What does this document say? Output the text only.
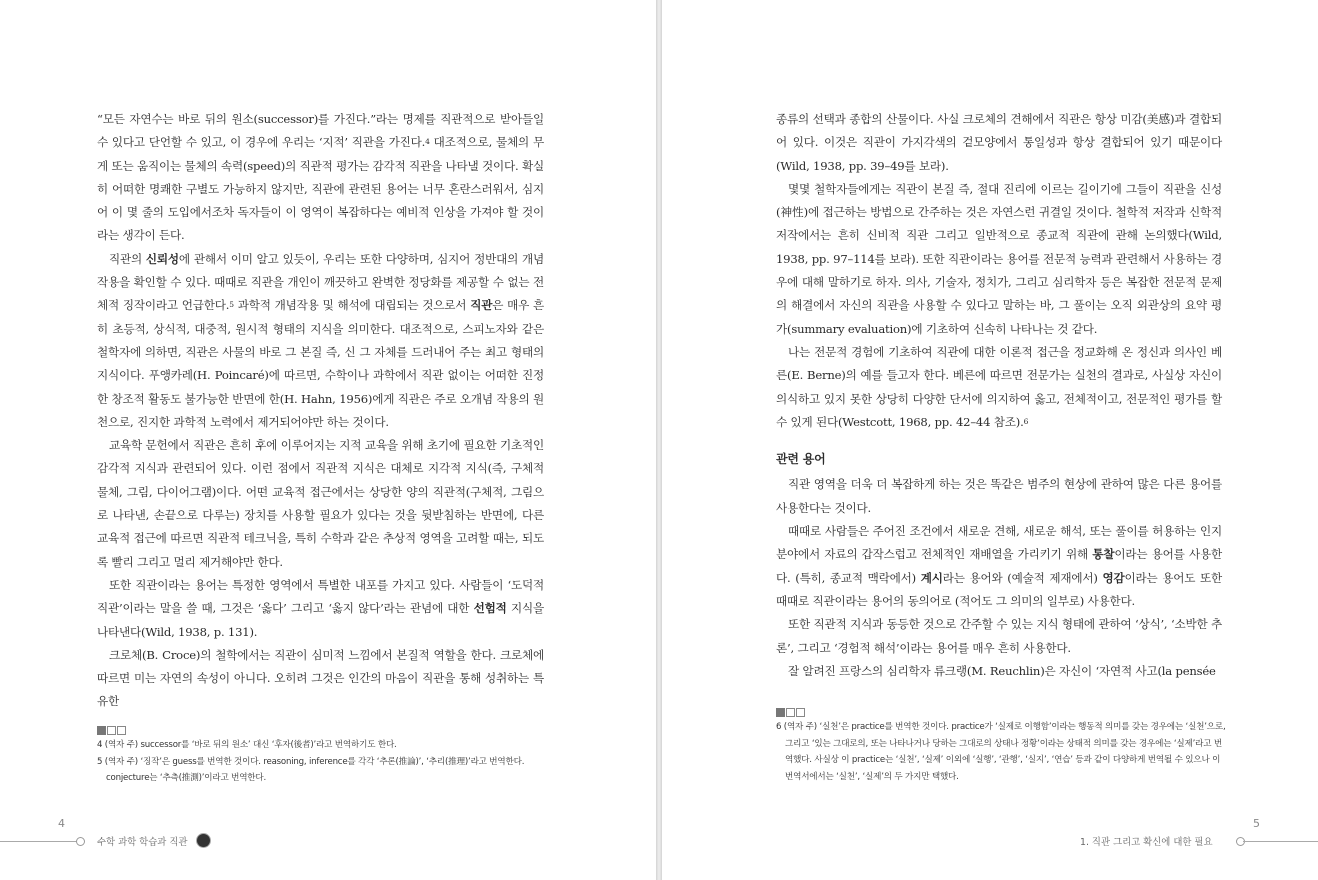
“모든 자연수는 바로 뒤의 원소(successor)를 가진다.”라는 명제를 직관적으로 받아들일 수 있다고 단언할 수 있고, 이 경우에 우리는 ‘지적’ 직관을 가진다.$^4$ 대조적으로, 물체의 무게 또는 움직이는 물체의 속력(speed)의 직관적 평가는 감각적 직관을 나타낼 것이다. 확실히 어떠한 명쾌한 구별도 가능하지 않지만, 직관에 관련된 용어는 너무 혼란스러워서, 심지어 이 몇 줄의 도입에서조차 독자들이 이 영역이 복잡하다는 예비적 인상을 가져야 할 것이라는 생각이 든다.

직관의 신뢰성에 관해서 이미 알고 있듯이, 우리는 또한 다양하며, 심지어 정반대의 개념작용을 확인할 수 있다. 때때로 직관을 개인이 깨끗하고 완벽한 정당화를 제공할 수 없는 전체적 징작이라고 언급한다.$^5$ 과학적 개념작용 및 해석에 대립되는 것으로서 직관은 매우 흔히 초등적, 상식적, 대중적, 원시적 형태의 지식을 의미한다. 대조적으로, 스피노자와 같은 철학자에 의하면, 직관은 사물의 바로 그 본질 즉, 신 그 자체를 드러내어 주는 최고 형태의 지식이다. 푸앵카레(H. Poincaré)에 따르면, 수학이나 과학에서 직관 없이는 어떠한 진정한 창조적 활동도 불가능한 반면에 한(H. Hahn, 1956)에게 직관은 주로 오개념 작용의 원천으로, 진지한 과학적 노력에서 제거되어야만 하는 것이다.

교육학 문헌에서 직관은 흔히 후에 이루어지는 지적 교육을 위해 초기에 필요한 기초적인 감각적 지식과 관련되어 있다. 이런 점에서 직관적 지식은 대체로 지각적 지식(즉, 구체적 물체, 그림, 다이어그램)이다. 어떤 교육적 접근에서는 상당한 양의 직관적(구체적, 그림으로 나타낸, 손끝으로 다루는) 장치를 사용할 필요가 있다는 것을 뒷받침하는 반면에, 다른 교육적 접근에 따르면 직관적 테크닉을, 특히 수학과 같은 추상적 영역을 고려할 때는, 되도록 빨리 그리고 멀리 제거해야만 한다.

또한 직관이라는 용어는 특정한 영역에서 특별한 내포를 가지고 있다. 사람들이 ‘도덕적 직관’이라는 말을 쓸 때, 그것은 ‘옳다’ 그리고 ‘옳지 않다’라는 관념에 대한 선험적 지식을 나타낸다(Wild, 1938, p. 131).

크로체(B. Croce)의 철학에서는 직관이 심미적 느낌에서 본질적 역할을 한다. 크로체에 따르면 미는 자연의 속성이 아니다. 오히려 그것은 인간의 마음이 직관을 통해 성취하는 특유한

4 (역자 주) successor를 ‘바로 뒤의 원소’ 대신 ‘후자(後者)’라고 번역하기도 한다.
5 (역자 주) ‘징작’은 guess를 번역한 것이다. reasoning, inference를 각각 ‘추론(推論)’, ‘추리(推理)’라고 번역한다. conjecture는 ‘추측(推測)’이라고 번역한다.
4
수학 과학 학습과 직관

종류의 선택과 종합의 산물이다. 사실 크로체의 견해에서 직관은 항상 미감(美感)과 결합되어 있다. 이것은 직관이 가지각색의 겉모양에서 통일성과 항상 결합되어 있기 때문이다(Wild, 1938, pp. 39–49를 보라).

몇몇 철학자들에게는 직관이 본질 즉, 절대 진리에 이르는 길이기에 그들이 직관을 신성(神性)에 접근하는 방법으로 간주하는 것은 자연스런 귀결일 것이다. 철학적 저작과 신학적 저작에서는 흔히 신비적 직관 그리고 일반적으로 종교적 직관에 관해 논의했다(Wild, 1938, pp. 97–114를 보라). 또한 직관이라는 용어를 전문적 능력과 관련해서 사용하는 경우에 대해 말하기로 하자. 의사, 기술자, 정치가, 그리고 심리학자 등은 복잡한 전문적 문제의 해결에서 자신의 직관을 사용할 수 있다고 말하는 바, 그 풀이는 오직 외관상의 요약 평가(summary evaluation)에 기초하여 신속히 나타나는 것 같다.

나는 전문적 경험에 기초하여 직관에 대한 이론적 접근을 정교화해 온 정신과 의사인 베른(E. Berne)의 예를 들고자 한다. 베른에 따르면 전문가는 실천의 결과로, 사실상 자신이 의식하고 있지 못한 상당히 다양한 단서에 의지하여 옳고, 전체적이고, 전문적인 평가를 할 수 있게 된다(Westcott, 1968, pp. 42–44 참조).$^6$

관련 용어

직관 영역을 더욱 더 복잡하게 하는 것은 똑같은 범주의 현상에 관하여 많은 다른 용어를 사용한다는 것이다.

때때로 사람들은 주어진 조건에서 새로운 견해, 새로운 해석, 또는 풀이를 허용하는 인지 분야에서 자료의 갑작스럽고 전체적인 재배열을 가리키기 위해 통찰이라는 용어를 사용한다. (특히, 종교적 맥락에서) 계시라는 용어와 (예술적 제재에서) 영감이라는 용어도 또한 때때로 직관이라는 용어의 동의어로 (적어도 그 의미의 일부로) 사용한다.

또한 직관적 지식과 동등한 것으로 간주할 수 있는 지식 형태에 관하여 ‘상식’, ‘소박한 추론’, 그리고 ‘경험적 해석’이라는 용어를 매우 흔히 사용한다.

잘 알려진 프랑스의 심리학자 류크랭(M. Reuchlin)은 자신이 ‘자연적 사고(la pensée

6 (역자 주) ‘실천’은 practice를 번역한 것이다. practice가 ‘실제로 이행함’이라는 행동적 의미를 갖는 경우에는 ‘실천’으로, 그리고 ‘있는 그대로의, 또는 나타나거나 당하는 그대로의 상태나 정황’이라는 상태적 의미를 갖는 경우에는 ‘실제’라고 번역했다. 사실상 이 practice는 ‘실천’, ‘실제’ 이외에 ‘실행’, ‘관행’, ‘실지’, ‘연습’ 등과 같이 다양하게 번역될 수 있으나 이 번역서에서는 ‘실천’, ‘실제’의 두 가지만 택했다.
5
1. 직관 그리고 확신에 대한 필요
